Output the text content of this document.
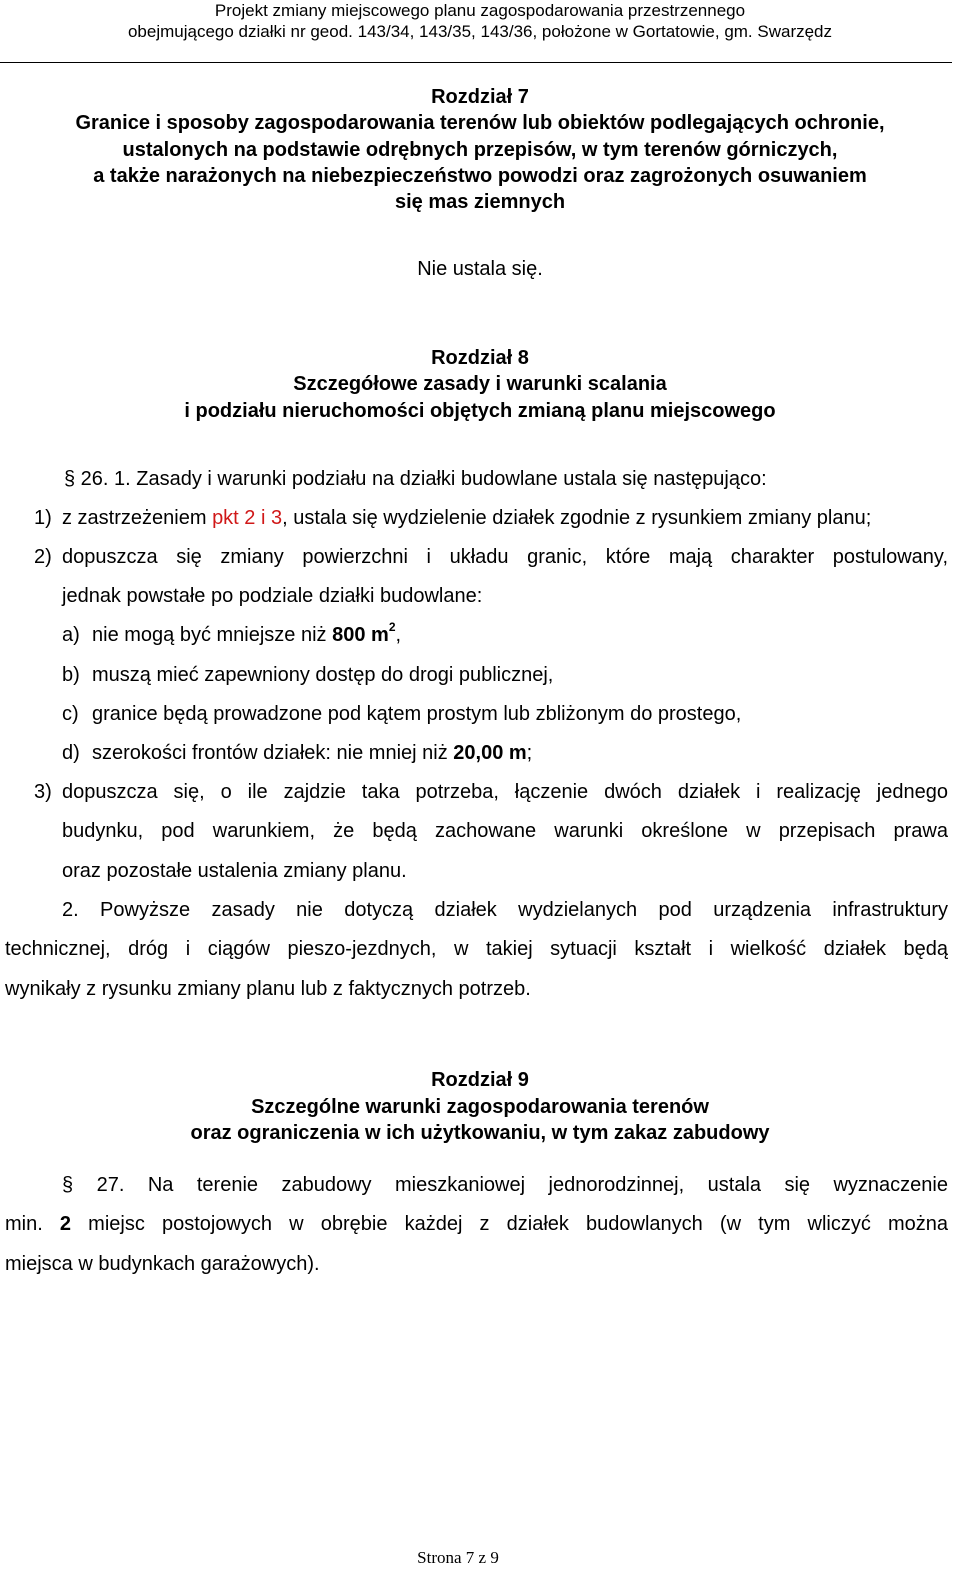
Projekt zmiany miejscowego planu zagospodarowania przestrzennego
obejmującego działki nr geod. 143/34, 143/35, 143/36, położone w Gortatowie, gm. Swarzędz
Rozdział 7
Granice i sposoby zagospodarowania terenów lub obiektów podlegających ochronie,
ustalonych na podstawie odrębnych przepisów, w tym terenów górniczych,
a także narażonych na niebezpieczeństwo powodzi oraz zagrożonych osuwaniem
się mas ziemnych
Nie ustala się.
Rozdział 8
Szczegółowe zasady i warunki scalania
i podziału nieruchomości objętych zmianą planu miejscowego
§ 26. 1. Zasady i warunki podziału na działki budowlane ustala się następująco:
1) z zastrzeżeniem pkt 2 i 3, ustala się wydzielenie działek zgodnie z rysunkiem zmiany planu;
2) dopuszcza się zmiany powierzchni i układu granic, które mają charakter postulowany,
jednak powstałe po podziale działki budowlane:
a) nie mogą być mniejsze niż 800 $m^2$,
b) muszą mieć zapewniony dostęp do drogi publicznej,
c) granice będą prowadzone pod kątem prostym lub zbliżonym do prostego,
d) szerokości frontów działek: nie mniej niż 20,00 m;
3) dopuszcza się, o ile zajdzie taka potrzeba, łączenie dwóch działek i realizację jednego
budynku, pod warunkiem, że będą zachowane warunki określone w przepisach prawa
oraz pozostałe ustalenia zmiany planu.
2. Powyższe zasady nie dotyczą działek wydzielanych pod urządzenia infrastruktury
technicznej, dróg i ciągów pieszo-jezdnych, w takiej sytuacji kształt i wielkość działek będą
wynikały z rysunku zmiany planu lub z faktycznych potrzeb.
Rozdział 9
Szczególne warunki zagospodarowania terenów
oraz ograniczenia w ich użytkowaniu, w tym zakaz zabudowy
§ 27. Na terenie zabudowy mieszkaniowej jednorodzinnej, ustala się wyznaczenie
min. 2 miejsc postojowych w obrębie każdej z działek budowlanych (w tym wliczyć można
miejsca w budynkach garażowych).
Strona 7 z 9
